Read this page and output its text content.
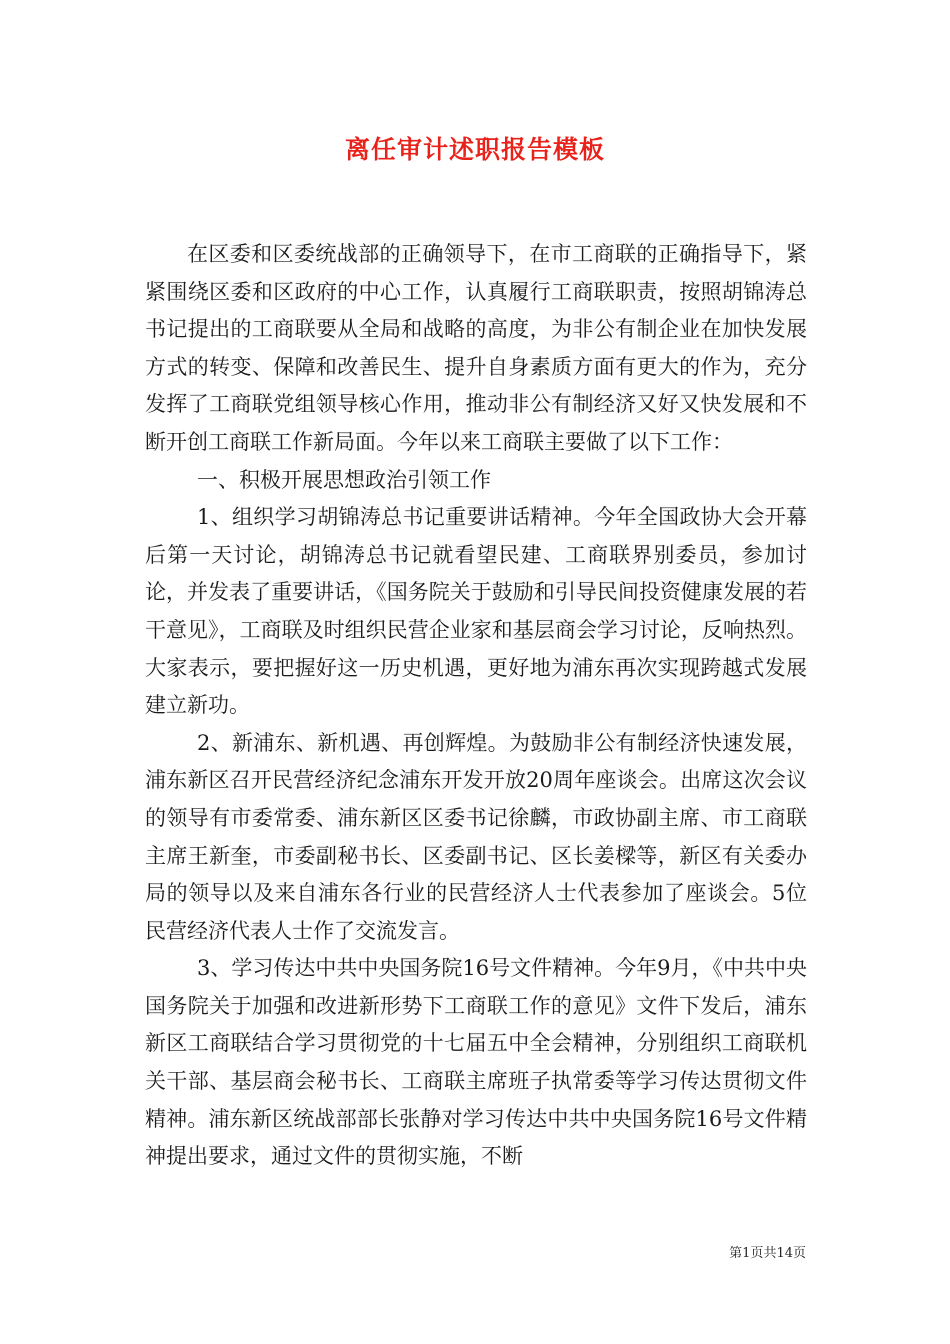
离任审计述职报告模板

在区委和区委统战部的正确领导下，在市工商联的正确指导下，紧紧围绕区委和区政府的中心工作，认真履行工商联职责，按照胡锦涛总书记提出的工商联要从全局和战略的高度，为非公有制企业在加快发展方式的转变、保障和改善民生、提升自身素质方面有更大的作为，充分发挥了工商联党组领导核心作用，推动非公有制经济又好又快发展和不断开创工商联工作新局面。今年以来工商联主要做了以下工作：

一、积极开展思想政治引领工作

1、组织学习胡锦涛总书记重要讲话精神。今年全国政协大会开幕后第一天讨论，胡锦涛总书记就看望民建、工商联界别委员，参加讨论，并发表了重要讲话，《国务院关于鼓励和引导民间投资健康发展的若干意见》，工商联及时组织民营企业家和基层商会学习讨论，反响热烈。大家表示，要把握好这一历史机遇，更好地为浦东再次实现跨越式发展建立新功。

2、新浦东、新机遇、再创辉煌。为鼓励非公有制经济快速发展，浦东新区召开民营经济纪念浦东开发开放20周年座谈会。出席这次会议的领导有市委常委、浦东新区区委书记徐麟，市政协副主席、市工商联主席王新奎，市委副秘书长、区委副书记、区长姜樑等，新区有关委办局的领导以及来自浦东各行业的民营经济人士代表参加了座谈会。5位民营经济代表人士作了交流发言。

3、学习传达中共中央国务院16号文件精神。今年9月，《中共中央国务院关于加强和改进新形势下工商联工作的意见》文件下发后，浦东新区工商联结合学习贯彻党的十七届五中全会精神，分别组织工商联机关干部、基层商会秘书长、工商联主席班子执常委等学习传达贯彻文件精神。浦东新区统战部部长张静对学习传达中共中央国务院16号文件精神提出要求，通过文件的贯彻实施，不断

第1页共14页
